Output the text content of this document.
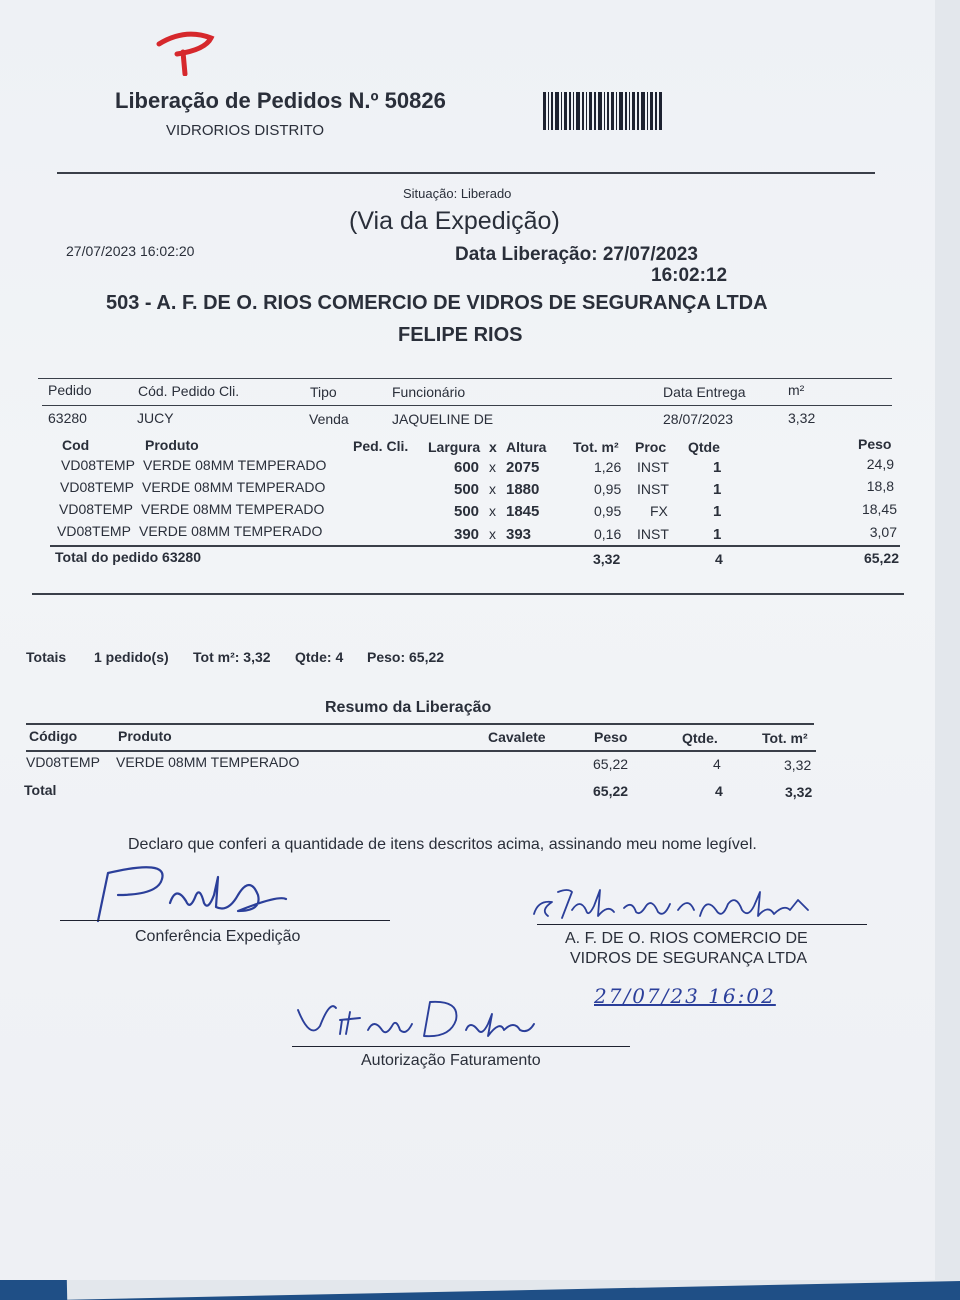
Liberação de Pedidos N.º 50826
VIDRORIOS DISTRITO
Situação: Liberado
(Via da Expedição)
27/07/2023 16:02:20	Data Liberação: 27/07/2023
16:02:12
503 - A. F. DE O. RIOS COMERCIO DE VIDROS DE SEGURANÇA LTDA
FELIPE RIOS
Pedido	Cód. Pedido Cli.	Tipo	Funcionário	Data Entrega	m²
63280	JUCY	Venda	JAQUELINE DE	28/07/2023	3,32
Cod	Produto	Ped. Cli. Largura x Altura Tot. m² Proc Qtde	Peso
VD08TEMP VERDE 08MM TEMPERADO	600 x 2075	1,26 INST	1	24,9
VD08TEMP VERDE 08MM TEMPERADO	500 x 1880	0,95 INST	1	18,8
VD08TEMP VERDE 08MM TEMPERADO	500 x 1845	0,95 FX	1	18,45
VD08TEMP VERDE 08MM TEMPERADO	390 x 393	0,16 INST	1	3,07
Total do pedido 63280	3,32	4	65,22
Totais 1 pedido(s) Tot m²: 3,32 Qtde: 4 Peso: 65,22
Resumo da Liberação
Código	Produto	Cavalete	Peso	Qtde.	Tot. m²
VD08TEMP VERDE 08MM TEMPERADO	65,22	4	3,32
Total	65,22	4	3,32
Declaro que conferi a quantidade de itens descritos acima, assinando meu nome legível.
Conferência Expedição	A. F. DE O. RIOS COMERCIO DE
VIDROS DE SEGURANÇA LTDA
27/07/23 16:02
Autorização Faturamento
